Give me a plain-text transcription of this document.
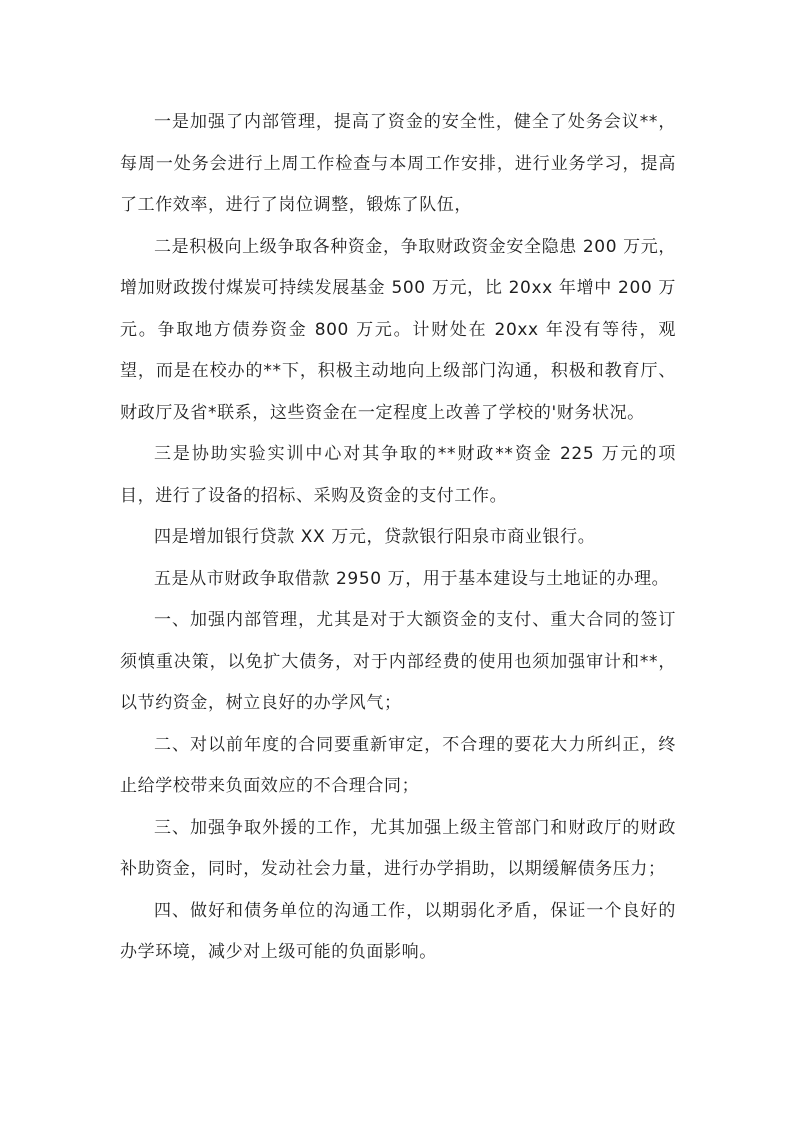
一是加强了内部管理，提高了资金的安全性，健全了处务会议**，每周一处务会进行上周工作检查与本周工作安排，进行业务学习，提高了工作效率，进行了岗位调整，锻炼了队伍，

二是积极向上级争取各种资金，争取财政资金安全隐患 200 万元，增加财政拨付煤炭可持续发展基金 500 万元，比 20xx 年增中 200 万元。争取地方债券资金 800 万元。计财处在 20xx 年没有等待，观望，而是在校办的**下，积极主动地向上级部门沟通，积极和教育厅、财政厅及省*联系，这些资金在一定程度上改善了学校的'财务状况。

三是协助实验实训中心对其争取的**财政**资金 225 万元的项目，进行了设备的招标、采购及资金的支付工作。

四是增加银行贷款 XX 万元，贷款银行阳泉市商业银行。

五是从市财政争取借款 2950 万，用于基本建设与土地证的办理。

一、加强内部管理，尤其是对于大额资金的支付、重大合同的签订须慎重决策，以免扩大债务，对于内部经费的使用也须加强审计和**，以节约资金，树立良好的办学风气；

二、对以前年度的合同要重新审定，不合理的要花大力所纠正，终止给学校带来负面效应的不合理合同；

三、加强争取外援的工作，尤其加强上级主管部门和财政厅的财政补助资金，同时，发动社会力量，进行办学捐助，以期缓解债务压力；

四、做好和债务单位的沟通工作，以期弱化矛盾，保证一个良好的办学环境，减少对上级可能的负面影响。
